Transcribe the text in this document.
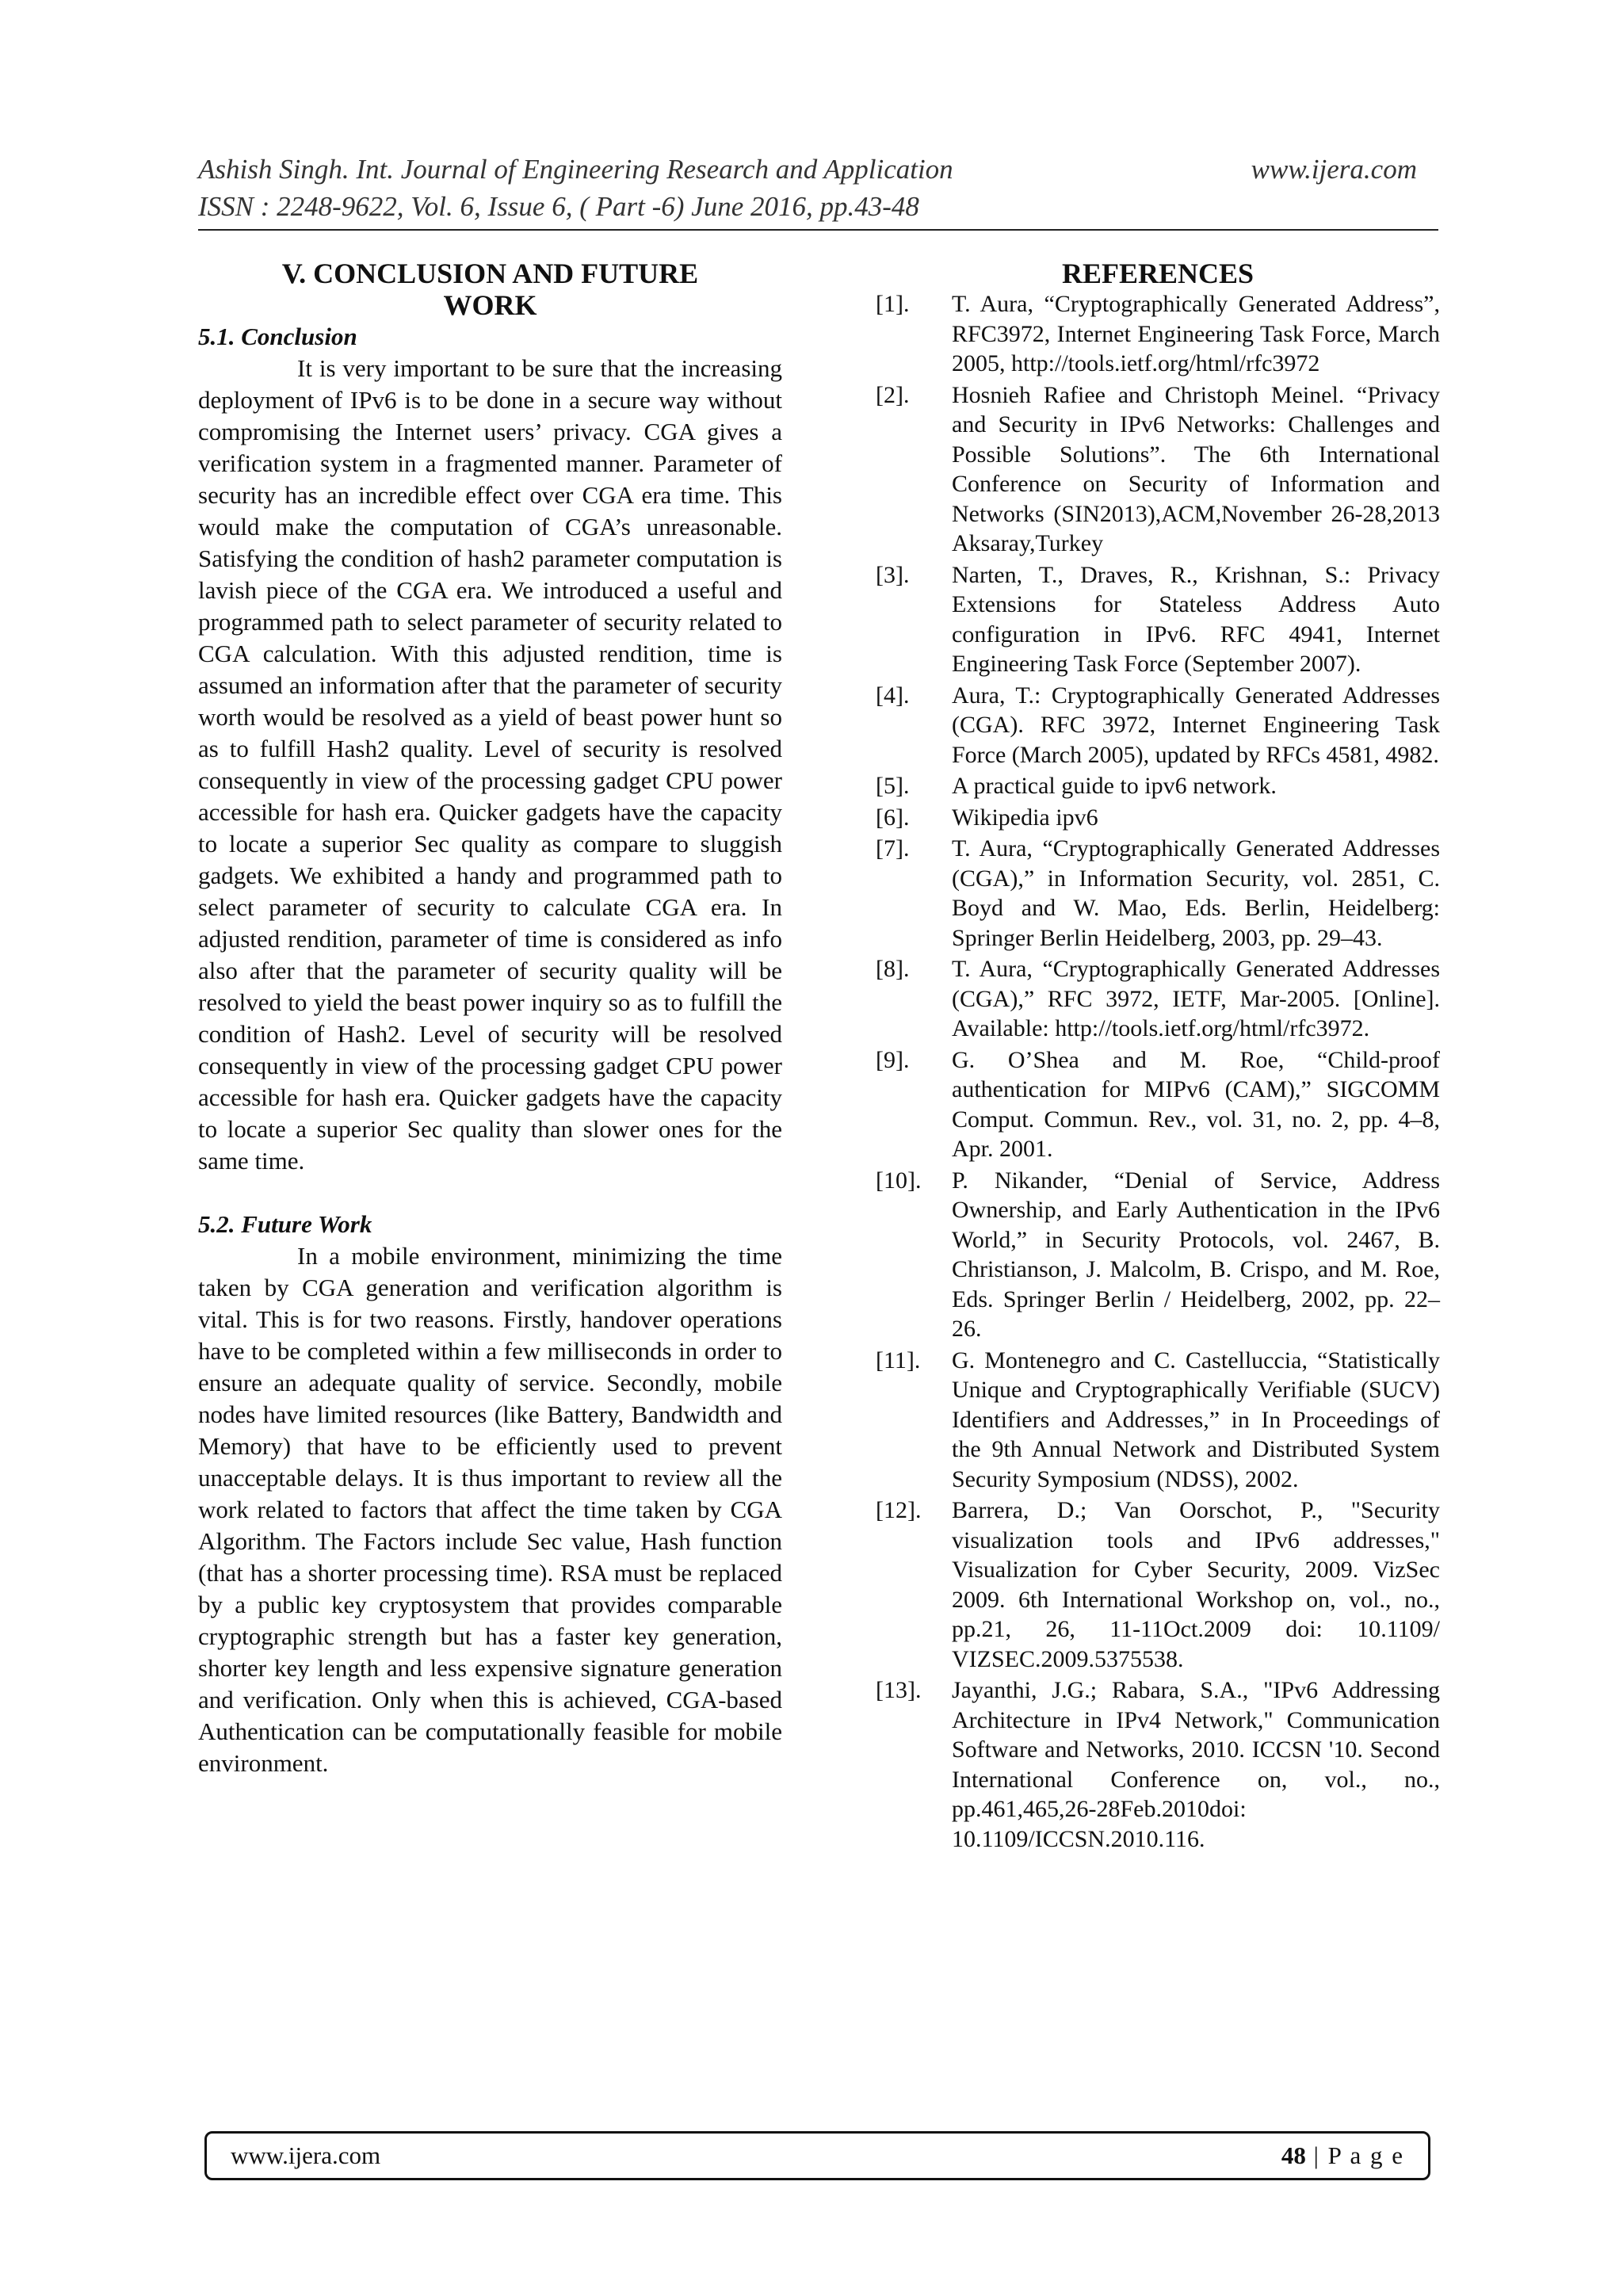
Ashish Singh. Int. Journal of Engineering Research and Application	www.ijera.com
ISSN : 2248-9622, Vol. 6, Issue 6, ( Part -6) June 2016, pp.43-48

V. CONCLUSION AND FUTURE WORK

5.1. Conclusion

It is very important to be sure that the increasing deployment of IPv6 is to be done in a secure way without compromising the Internet users’ privacy. CGA gives a verification system in a fragmented manner. Parameter of security has an incredible effect over CGA era time. This would make the computation of CGA’s unreasonable. Satisfying the condition of hash2 parameter computation is lavish piece of the CGA era. We introduced a useful and programmed path to select parameter of security related to CGA calculation. With this adjusted rendition, time is assumed an information after that the parameter of security worth would be resolved as a yield of beast power hunt so as to fulfill Hash2 quality. Level of security is resolved consequently in view of the processing gadget CPU power accessible for hash era. Quicker gadgets have the capacity to locate a superior Sec quality as compare to sluggish gadgets. We exhibited a handy and programmed path to select parameter of security to calculate CGA era. In adjusted rendition, parameter of time is considered as info also after that the parameter of security quality will be resolved to yield the beast power inquiry so as to fulfill the condition of Hash2. Level of security will be resolved consequently in view of the processing gadget CPU power accessible for hash era. Quicker gadgets have the capacity to locate a superior Sec quality than slower ones for the same time.

5.2. Future Work

In a mobile environment, minimizing the time taken by CGA generation and verification algorithm is vital. This is for two reasons. Firstly, handover operations have to be completed within a few milliseconds in order to ensure an adequate quality of service. Secondly, mobile nodes have limited resources (like Battery, Bandwidth and Memory) that have to be efficiently used to prevent unacceptable delays. It is thus important to review all the work related to factors that affect the time taken by CGA Algorithm. The Factors include Sec value, Hash function (that has a shorter processing time). RSA must be replaced by a public key cryptosystem that provides comparable cryptographic strength but has a faster key generation, shorter key length and less expensive signature generation and verification. Only when this is achieved, CGA-based Authentication can be computationally feasible for mobile environment.

REFERENCES

[1].	T. Aura, “Cryptographically Generated Address”, RFC3972, Internet Engineering Task Force, March 2005, http://tools.ietf.org/html/rfc3972
[2].	Hosnieh Rafiee and Christoph Meinel. “Privacy and Security in IPv6 Networks: Challenges and Possible Solutions”. The 6th International Conference on Security of Information and Networks (SIN2013),ACM,November 26-28,2013 Aksaray,Turkey
[3].	Narten, T., Draves, R., Krishnan, S.: Privacy Extensions for Stateless Address Auto configuration in IPv6. RFC 4941, Internet Engineering Task Force (September 2007).
[4].	Aura, T.: Cryptographically Generated Addresses (CGA). RFC 3972, Internet Engineering Task Force (March 2005), updated by RFCs 4581, 4982.
[5].	A practical guide to ipv6 network.
[6].	Wikipedia ipv6
[7].	T. Aura, “Cryptographically Generated Addresses (CGA),” in Information Security, vol. 2851, C. Boyd and W. Mao, Eds. Berlin, Heidelberg: Springer Berlin Heidelberg, 2003, pp. 29–43.
[8].	T. Aura, “Cryptographically Generated Addresses (CGA),” RFC 3972, IETF, Mar-2005. [Online]. Available: http://tools.ietf.org/html/rfc3972.
[9].	G. O’Shea and M. Roe, “Child-proof authentication for MIPv6 (CAM),” SIGCOMM Comput. Commun. Rev., vol. 31, no. 2, pp. 4–8, Apr. 2001.
[10].	P. Nikander, “Denial of Service, Address Ownership, and Early Authentication in the IPv6 World,” in Security Protocols, vol. 2467, B. Christianson, J. Malcolm, B. Crispo, and M. Roe, Eds. Springer Berlin / Heidelberg, 2002, pp. 22–26.
[11].	G. Montenegro and C. Castelluccia, “Statistically Unique and Cryptographically Verifiable (SUCV) Identifiers and Addresses,” in In Proceedings of the 9th Annual Network and Distributed System Security Symposium (NDSS), 2002.
[12].	Barrera, D.; Van Oorschot, P., "Security visualization tools and IPv6 addresses," Visualization for Cyber Security, 2009. VizSec 2009. 6th International Workshop on, vol., no., pp.21, 26, 11-11Oct.2009 doi: 10.1109/ VIZSEC.2009.5375538.
[13].	Jayanthi, J.G.; Rabara, S.A., "IPv6 Addressing Architecture in IPv4 Network," Communication Software and Networks, 2010. ICCSN '10. Second International Conference on, vol., no., pp.461,465,26-28Feb.2010doi: 10.1109/ICCSN.2010.116.
www.ijera.com	48 | P a g e
